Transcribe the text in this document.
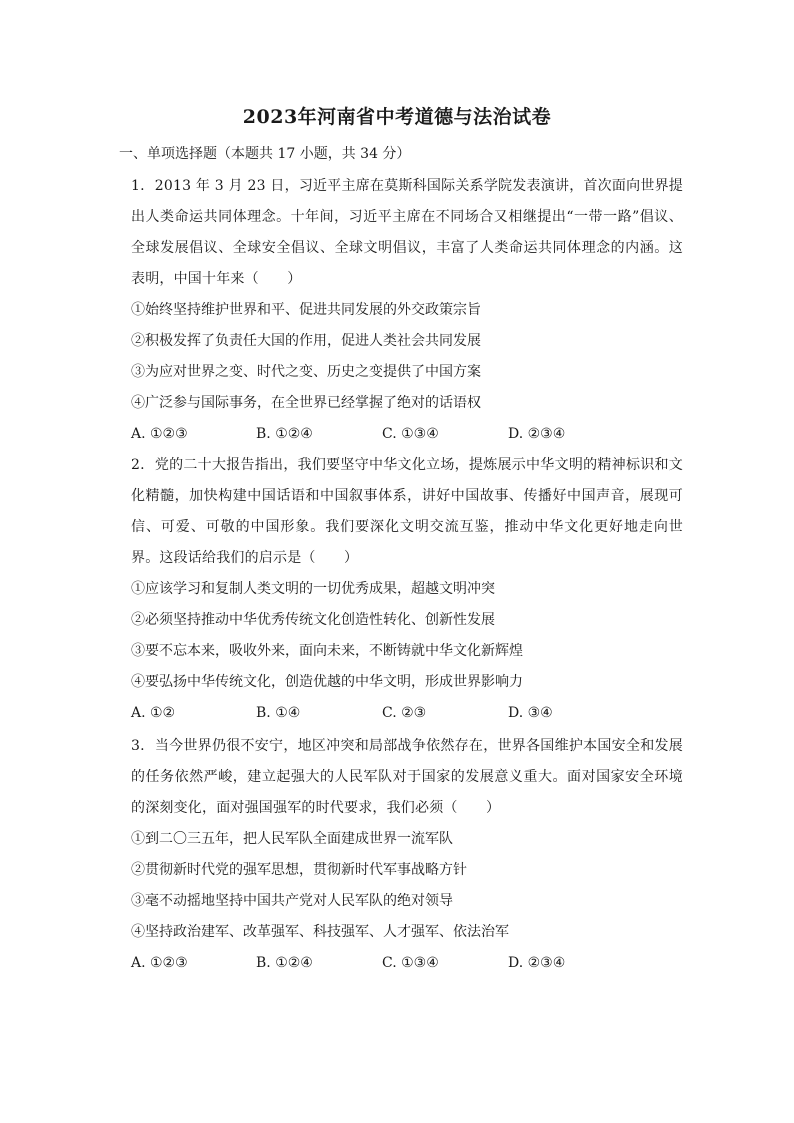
2023年河南省中考道德与法治试卷
一、单项选择题（本题共 17 小题，共 34 分）
1. 2013 年 3 月 23 日，习近平主席在莫斯科国际关系学院发表演讲，首次面向世界提出人类命运共同体理念。十年间，习近平主席在不同场合又相继提出“一带一路”倡议、全球发展倡议、全球安全倡议、全球文明倡议，丰富了人类命运共同体理念的内涵。这表明，中国十年来（　　）
①始终坚持维护世界和平、促进共同发展的外交政策宗旨
②积极发挥了负责任大国的作用，促进人类社会共同发展
③为应对世界之变、时代之变、历史之变提供了中国方案
④广泛参与国际事务，在全世界已经掌握了绝对的话语权
A. ①②③	B. ①②④	C. ①③④	D. ②③④
2. 党的二十大报告指出，我们要坚守中华文化立场，提炼展示中华文明的精神标识和文化精髓，加快构建中国话语和中国叙事体系，讲好中国故事、传播好中国声音，展现可信、可爱、可敬的中国形象。我们要深化文明交流互鉴，推动中华文化更好地走向世界。这段话给我们的启示是（　　）
①应该学习和复制人类文明的一切优秀成果，超越文明冲突
②必须坚持推动中华优秀传统文化创造性转化、创新性发展
③要不忘本来，吸收外来，面向未来，不断铸就中华文化新辉煌
④要弘扬中华传统文化，创造优越的中华文明，形成世界影响力
A. ①②	B. ①④	C. ②③	D. ③④
3. 当今世界仍很不安宁，地区冲突和局部战争依然存在，世界各国维护本国安全和发展的任务依然严峻，建立起强大的人民军队对于国家的发展意义重大。面对国家安全环境的深刻变化，面对强国强军的时代要求，我们必须（　　）
①到二〇三五年，把人民军队全面建成世界一流军队
②贯彻新时代党的强军思想，贯彻新时代军事战略方针
③毫不动摇地坚持中国共产党对人民军队的绝对领导
④坚持政治建军、改革强军、科技强军、人才强军、依法治军
A. ①②③	B. ①②④	C. ①③④	D. ②③④
